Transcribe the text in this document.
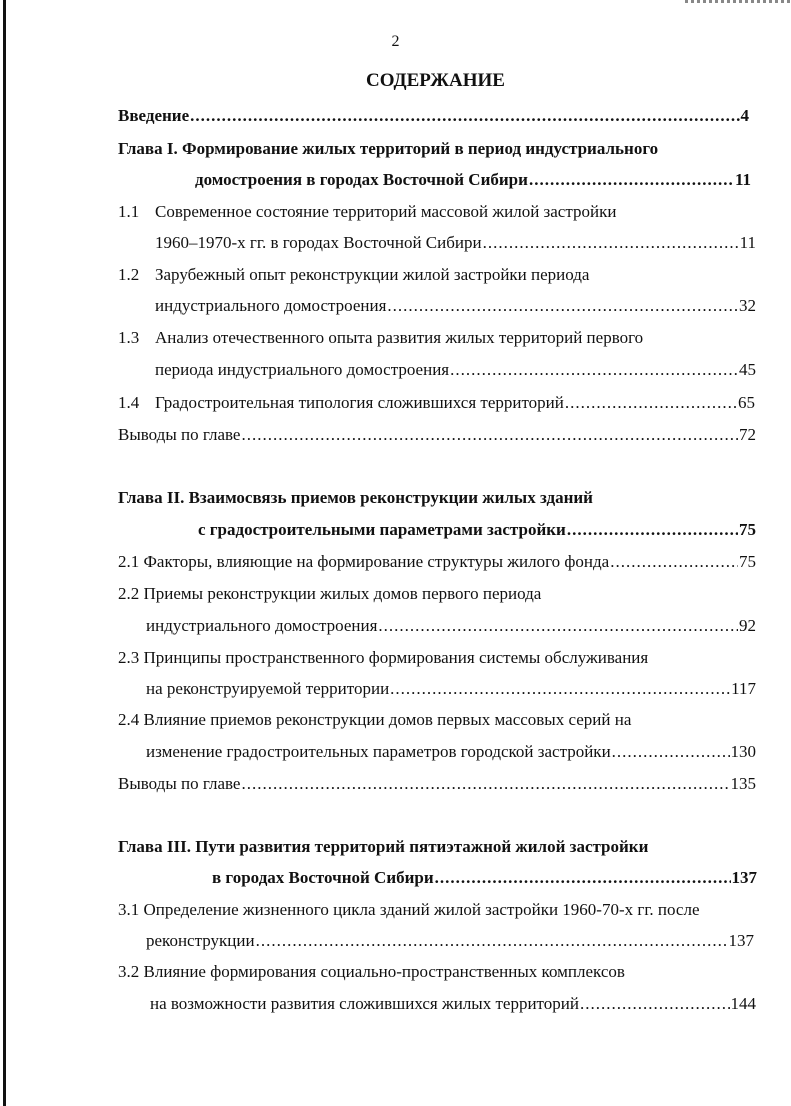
2
СОДЕРЖАНИЕ
Введение .....	4
Глава I. Формирование жилых территорий в период индустриального
домостроения в городах Восточной Сибири .....	11
1.1 Современное состояние территорий массовой жилой застройки
1960–1970-х гг. в городах Восточной Сибири .....	11
1.2 Зарубежный опыт реконструкции жилой застройки периода
индустриального домостроения .....	32
1.3 Анализ отечественного опыта развития жилых территорий первого
периода индустриального домостроения .....	45
1.4 Градостроительная типология сложившихся территорий .....	65
Выводы по главе .....	72
Глава II. Взаимосвязь приемов реконструкции жилых зданий
с градостроительными параметрами застройки .....	75
2.1 Факторы, влияющие на формирование структуры жилого фонда .....	75
2.2 Приемы реконструкции жилых домов первого периода
индустриального домостроения .....	92
2.3 Принципы пространственного формирования системы обслуживания
на реконструируемой территории .....	117
2.4 Влияние приемов реконструкции домов первых массовых серий на
изменение градостроительных параметров городской застройки .....	130
Выводы по главе .....	135
Глава III. Пути развития территорий пятиэтажной жилой застройки
в городах Восточной Сибири .....	137
3.1 Определение жизненного цикла зданий жилой застройки 1960-70-х гг. после
реконструкции .....	137
3.2 Влияние формирования социально-пространственных комплексов
на возможности развития сложившихся жилых территорий .....	144
